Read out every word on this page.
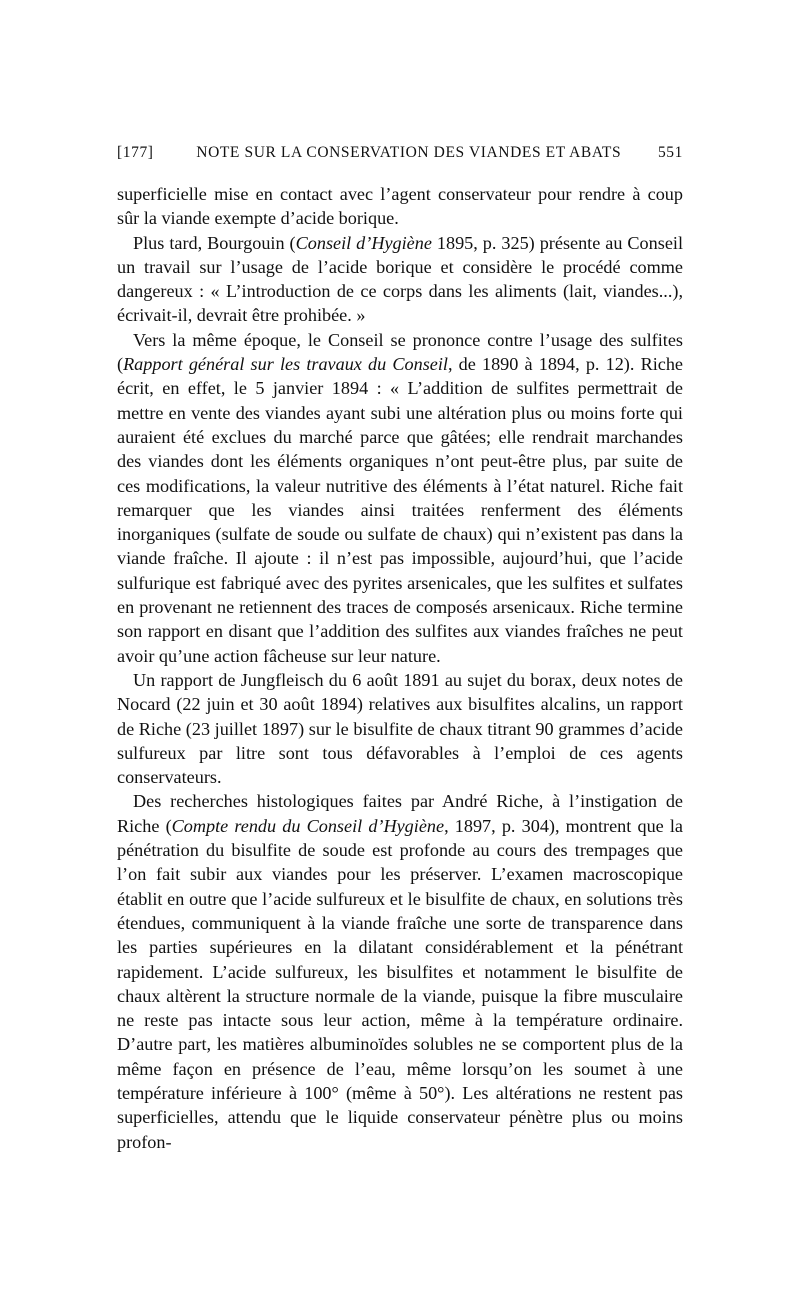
[177]	NOTE SUR LA CONSERVATION DES VIANDES ET ABATS	551

superficielle mise en contact avec l’agent conservateur pour rendre à coup sûr la viande exempte d’acide borique.

Plus tard, Bourgouin (Conseil d’Hygiène 1895, p. 325) présente au Conseil un travail sur l’usage de l’acide borique et considère le procédé comme dangereux : « L’introduction de ce corps dans les aliments (lait, viandes...), écrivait-il, devrait être prohibée. »

Vers la même époque, le Conseil se prononce contre l’usage des sulfites (Rapport général sur les travaux du Conseil, de 1890 à 1894, p. 12). Riche écrit, en effet, le 5 janvier 1894 : « L’addition de sulfites permettrait de mettre en vente des viandes ayant subi une altération plus ou moins forte qui auraient été exclues du marché parce que gâtées; elle rendrait marchandes des viandes dont les éléments organiques n’ont peut-être plus, par suite de ces modifications, la valeur nutritive des éléments à l’état naturel. Riche fait remarquer que les viandes ainsi traitées renferment des éléments inorganiques (sulfate de soude ou sulfate de chaux) qui n’existent pas dans la viande fraîche. Il ajoute : il n’est pas impossible, aujourd’hui, que l’acide sulfurique est fabriqué avec des pyrites arsenicales, que les sulfites et sulfates en provenant ne retiennent des traces de composés arsenicaux. Riche termine son rapport en disant que l’addition des sulfites aux viandes fraîches ne peut avoir qu’une action fâcheuse sur leur nature.

Un rapport de Jungfleisch du 6 août 1891 au sujet du borax, deux notes de Nocard (22 juin et 30 août 1894) relatives aux bisulfites alcalins, un rapport de Riche (23 juillet 1897) sur le bisulfite de chaux titrant 90 grammes d’acide sulfureux par litre sont tous défavorables à l’emploi de ces agents conservateurs.

Des recherches histologiques faites par André Riche, à l’instigation de Riche (Compte rendu du Conseil d’Hygiène, 1897, p. 304), montrent que la pénétration du bisulfite de soude est profonde au cours des trempages que l’on fait subir aux viandes pour les préserver. L’examen macroscopique établit en outre que l’acide sulfureux et le bisulfite de chaux, en solutions très étendues, communiquent à la viande fraîche une sorte de transparence dans les parties supérieures en la dilatant considérablement et la pénétrant rapidement. L’acide sulfureux, les bisulfites et notamment le bisulfite de chaux altèrent la structure normale de la viande, puisque la fibre musculaire ne reste pas intacte sous leur action, même à la température ordinaire. D’autre part, les matières albuminoïdes solubles ne se comportent plus de la même façon en présence de l’eau, même lorsqu’on les soumet à une température inférieure à 100° (même à 50°). Les altérations ne restent pas superficielles, attendu que le liquide conservateur pénètre plus ou moins profon-
